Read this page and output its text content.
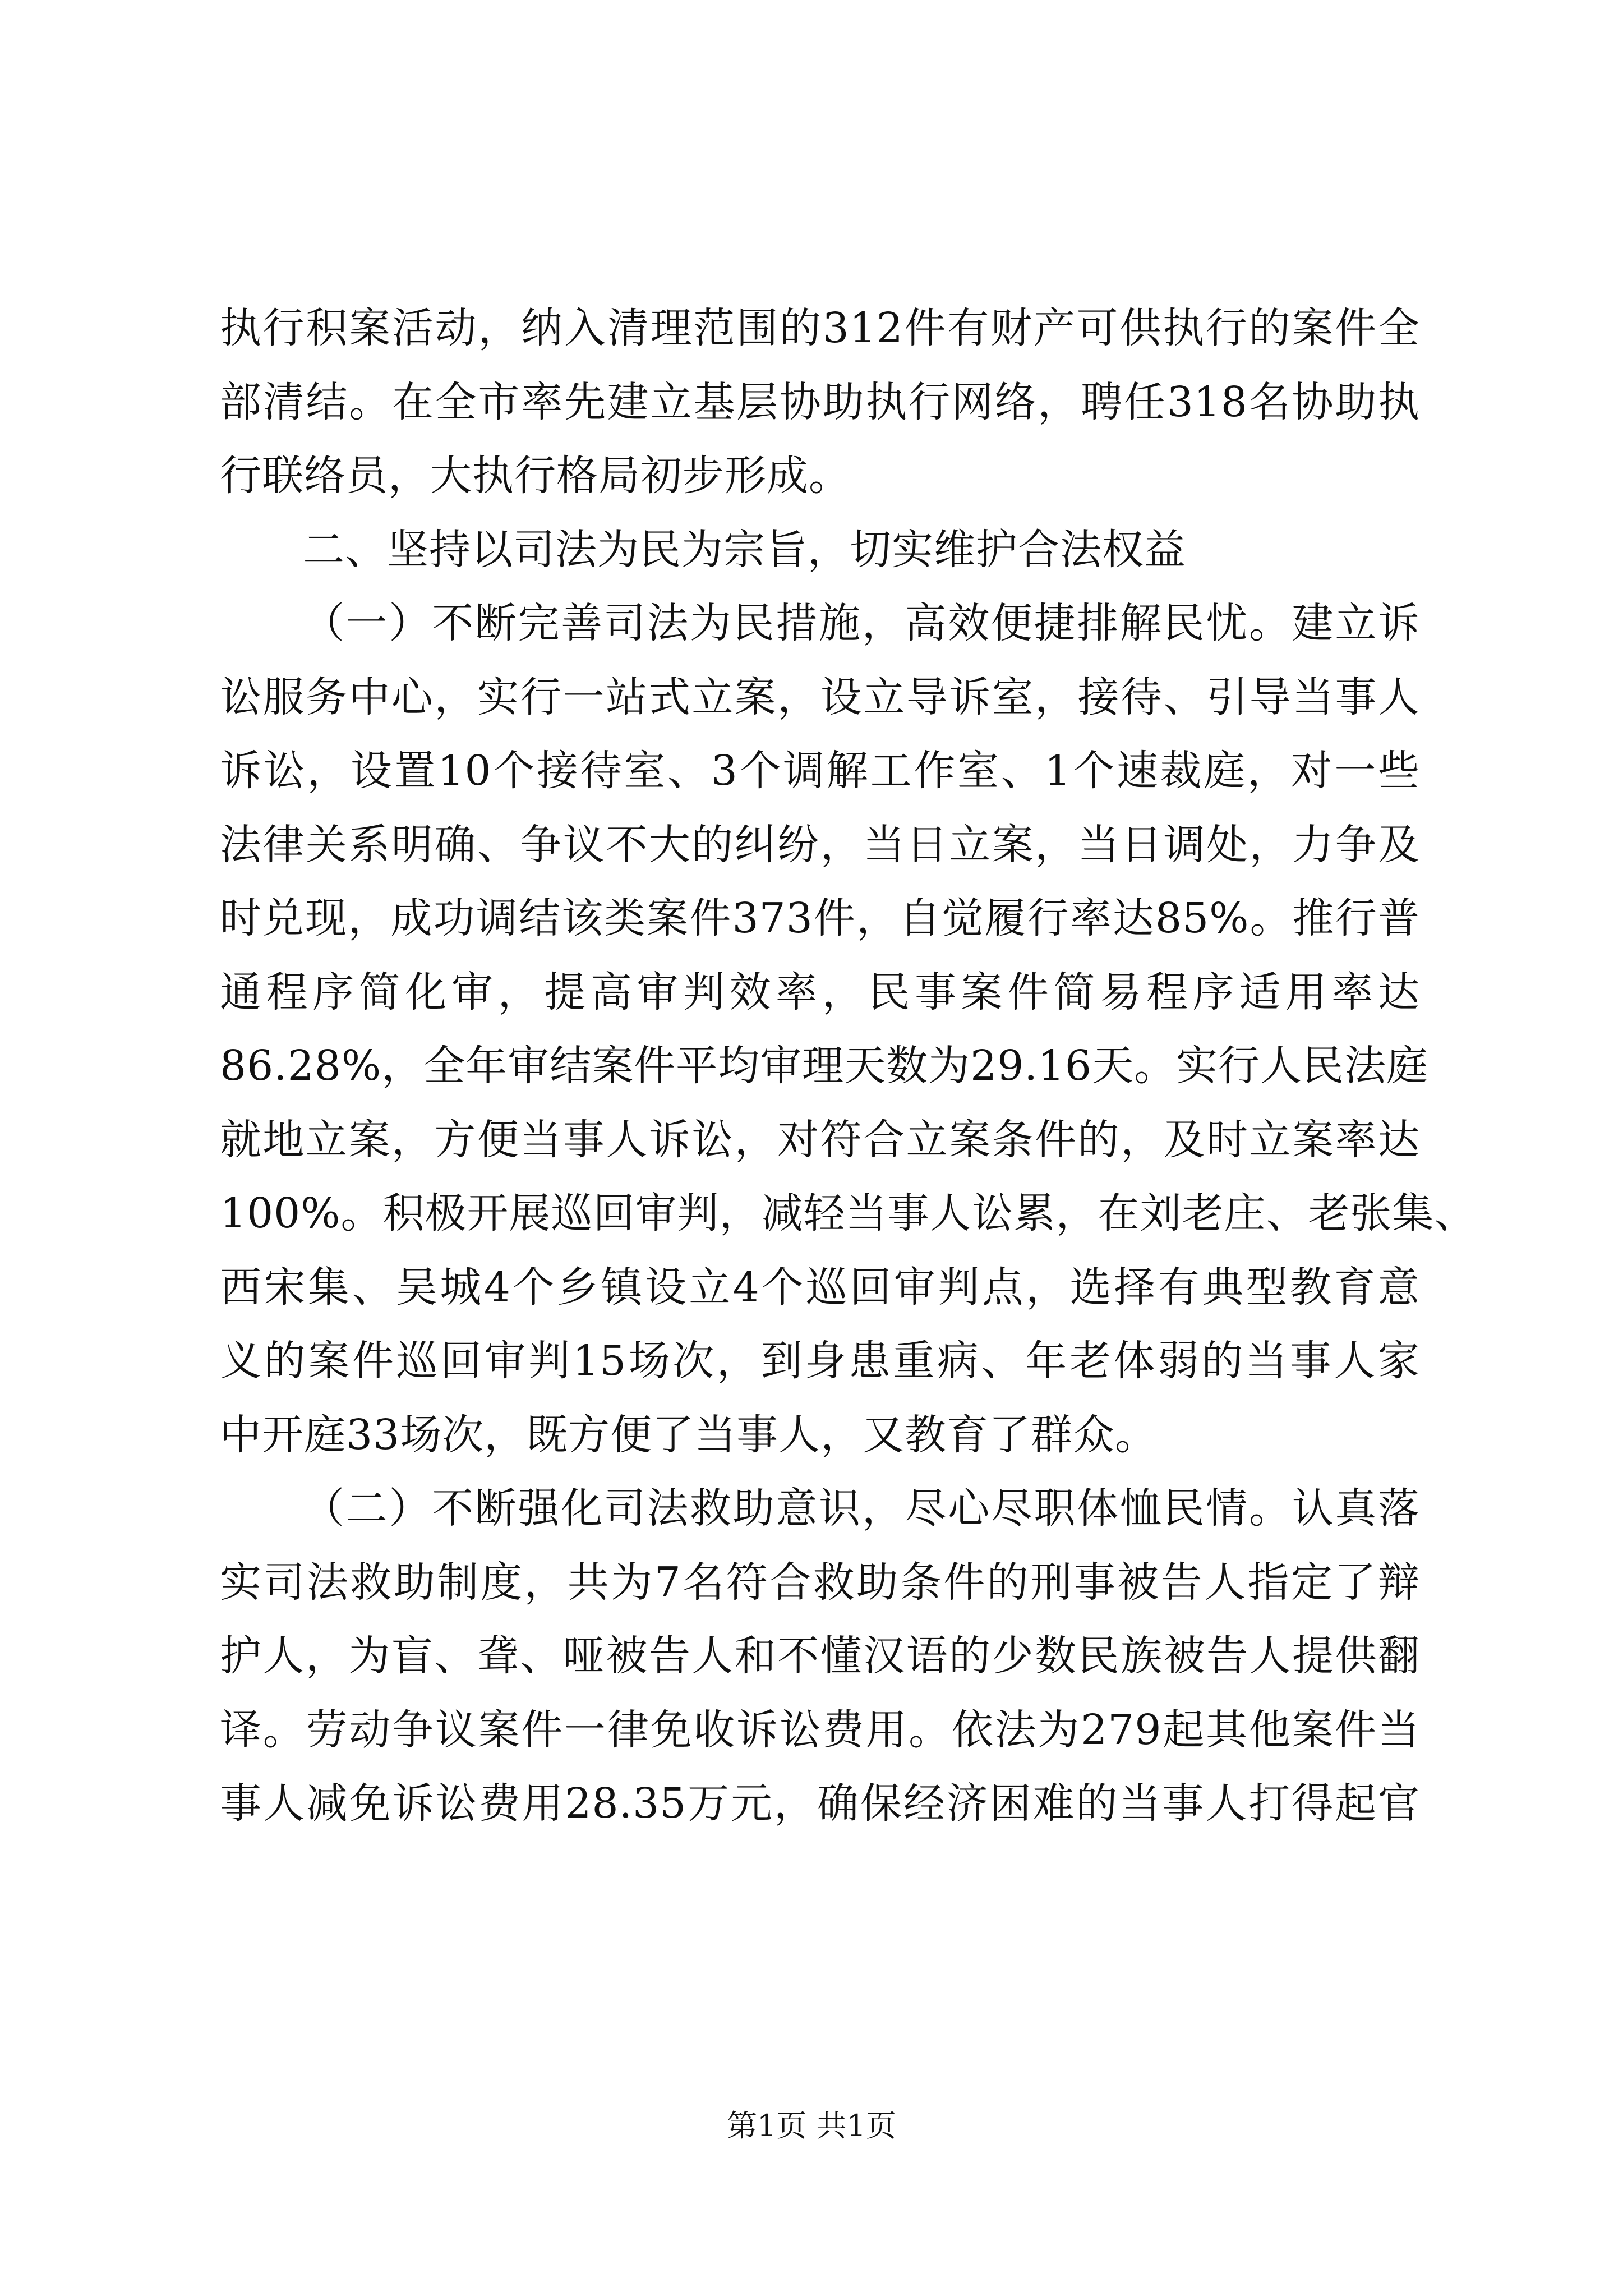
执行积案活动，纳入清理范围的312件有财产可供执行的案件全
部清结。在全市率先建立基层协助执行网络，聘任318名协助执
行联络员，大执行格局初步形成。
二、坚持以司法为民为宗旨，切实维护合法权益
（一）不断完善司法为民措施，高效便捷排解民忧。建立诉
讼服务中心，实行一站式立案，设立导诉室，接待、引导当事人
诉讼，设置10个接待室、3个调解工作室、1个速裁庭，对一些
法律关系明确、争议不大的纠纷，当日立案，当日调处，力争及
时兑现，成功调结该类案件373件，自觉履行率达85%。推行普
通程序简化审，提高审判效率，民事案件简易程序适用率达
86.28%，全年审结案件平均审理天数为29.16天。实行人民法庭
就地立案，方便当事人诉讼，对符合立案条件的，及时立案率达
100%。积极开展巡回审判，减轻当事人讼累，在刘老庄、老张集、
西宋集、吴城4个乡镇设立4个巡回审判点，选择有典型教育意
义的案件巡回审判15场次，到身患重病、年老体弱的当事人家
中开庭33场次，既方便了当事人，又教育了群众。
（二）不断强化司法救助意识，尽心尽职体恤民情。认真落
实司法救助制度，共为7名符合救助条件的刑事被告人指定了辩
护人，为盲、聋、哑被告人和不懂汉语的少数民族被告人提供翻
译。劳动争议案件一律免收诉讼费用。依法为279起其他案件当
事人减免诉讼费用28.35万元，确保经济困难的当事人打得起官
第1页 共1页
